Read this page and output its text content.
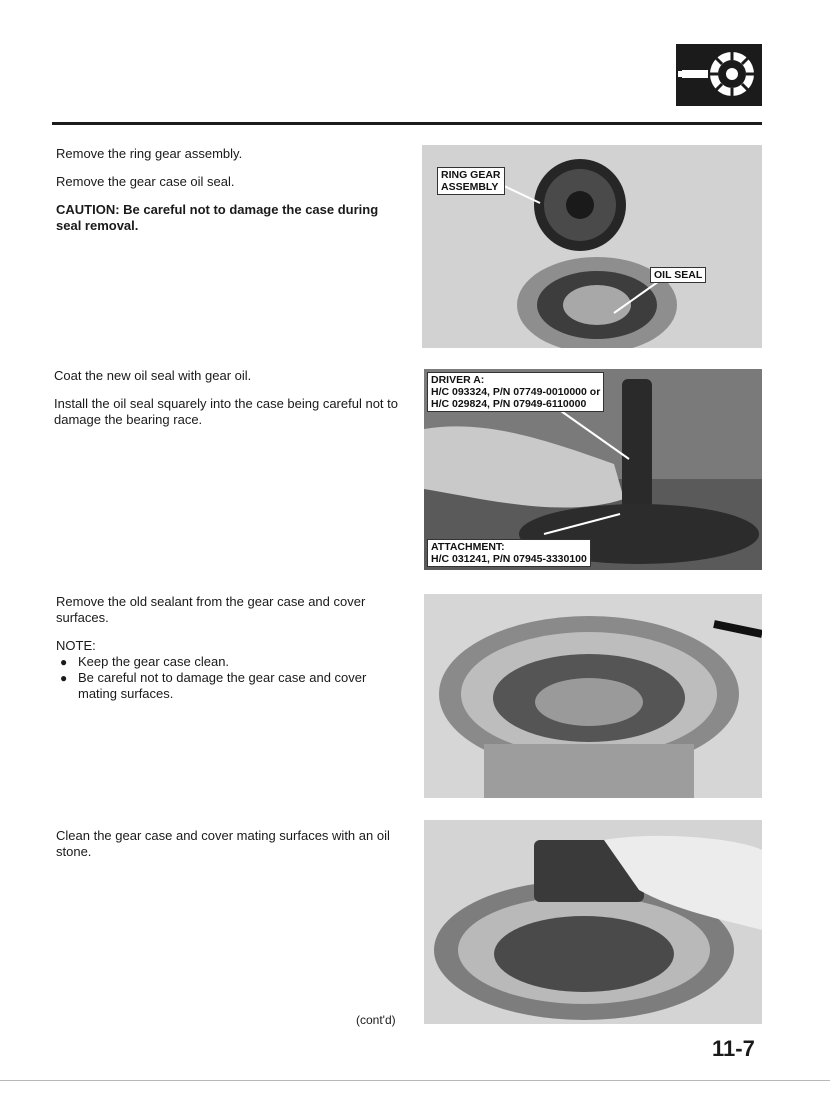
Remove the ring gear assembly.

Remove the gear case oil seal.

CAUTION: Be careful not to damage the case during seal removal.

RING GEAR
ASSEMBLY
OIL SEAL

Coat the new oil seal with gear oil.

Install the oil seal squarely into the case being careful not to damage the bearing race.

DRIVER A:
H/C 093324, P/N 07749-0010000 or
H/C 029824, P/N 07949-6110000
ATTACHMENT:
H/C 031241, P/N 07945-3330100

Remove the old sealant from the gear case and cover surfaces.

NOTE:

● Keep the gear case clean.
● Be careful not to damage the gear case and cover mating surfaces.

Clean the gear case and cover mating surfaces with an oil stone.

(cont'd)
11-7
